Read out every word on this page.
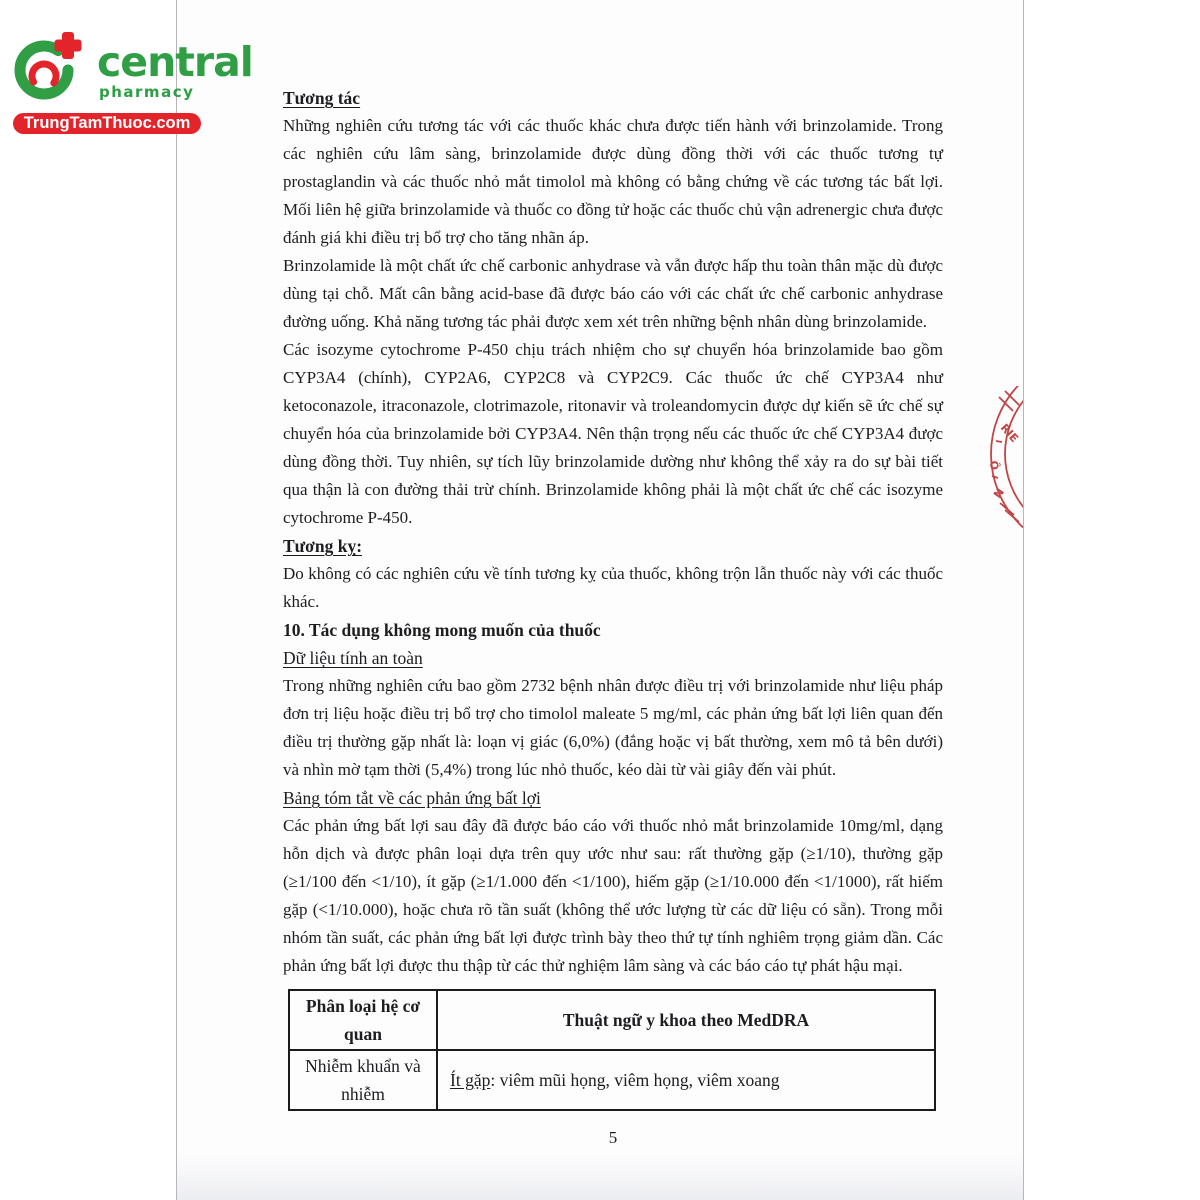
Tương tác

Những nghiên cứu tương tác với các thuốc khác chưa được tiến hành với brinzolamide. Trong các nghiên cứu lâm sàng, brinzolamide được dùng đồng thời với các thuốc tương tự prostaglandin và các thuốc nhỏ mắt timolol mà không có bằng chứng về các tương tác bất lợi. Mối liên hệ giữa brinzolamide và thuốc co đồng tử hoặc các thuốc chủ vận adrenergic chưa được đánh giá khi điều trị bổ trợ cho tăng nhãn áp.

Brinzolamide là một chất ức chế carbonic anhydrase và vẫn được hấp thu toàn thân mặc dù được dùng tại chỗ. Mất cân bằng acid-base đã được báo cáo với các chất ức chế carbonic anhydrase đường uống. Khả năng tương tác phải được xem xét trên những bệnh nhân dùng brinzolamide.

Các isozyme cytochrome P-450 chịu trách nhiệm cho sự chuyển hóa brinzolamide bao gồm CYP3A4 (chính), CYP2A6, CYP2C8 và CYP2C9. Các thuốc ức chế CYP3A4 như ketoconazole, itraconazole, clotrimazole, ritonavir và troleandomycin được dự kiến sẽ ức chế sự chuyển hóa của brinzolamide bởi CYP3A4. Nên thận trọng nếu các thuốc ức chế CYP3A4 được dùng đồng thời. Tuy nhiên, sự tích lũy brinzolamide dường như không thể xảy ra do sự bài tiết qua thận là con đường thải trừ chính. Brinzolamide không phải là một chất ức chế các isozyme cytochrome P-450.

Tương kỵ:

Do không có các nghiên cứu về tính tương kỵ của thuốc, không trộn lẫn thuốc này với các thuốc khác.

10. Tác dụng không mong muốn của thuốc

Dữ liệu tính an toàn

Trong những nghiên cứu bao gồm 2732 bệnh nhân được điều trị với brinzolamide như liệu pháp đơn trị liệu hoặc điều trị bổ trợ cho timolol maleate 5 mg/ml, các phản ứng bất lợi liên quan đến điều trị thường gặp nhất là: loạn vị giác (6,0%) (đắng hoặc vị bất thường, xem mô tả bên dưới) và nhìn mờ tạm thời (5,4%) trong lúc nhỏ thuốc, kéo dài từ vài giây đến vài phút.

Bảng tóm tắt về các phản ứng bất lợi

Các phản ứng bất lợi sau đây đã được báo cáo với thuốc nhỏ mắt brinzolamide 10mg/ml, dạng hỗn dịch và được phân loại dựa trên quy ước như sau: rất thường gặp (≥1/10), thường gặp (≥1/100 đến <1/10), ít gặp (≥1/1.000 đến <1/100), hiếm gặp (≥1/10.000 đến <1/1000), rất hiếm gặp (<1/10.000), hoặc chưa rõ tần suất (không thể ước lượng từ các dữ liệu có sẵn). Trong mỗi nhóm tần suất, các phản ứng bất lợi được trình bày theo thứ tự tính nghiêm trọng giảm dần. Các phản ứng bất lợi được thu thập từ các thử nghiệm lâm sàng và các báo cáo tự phát hậu mại.

Phân loại hệ cơ quan	Thuật ngữ y khoa theo MedDRA
Nhiễm khuẩn và nhiễm	Ít gặp: viêm mũi họng, viêm họng, viêm xoang
5
RIE
Ô
N
central
pharmacy
TrungTamThuoc.com
